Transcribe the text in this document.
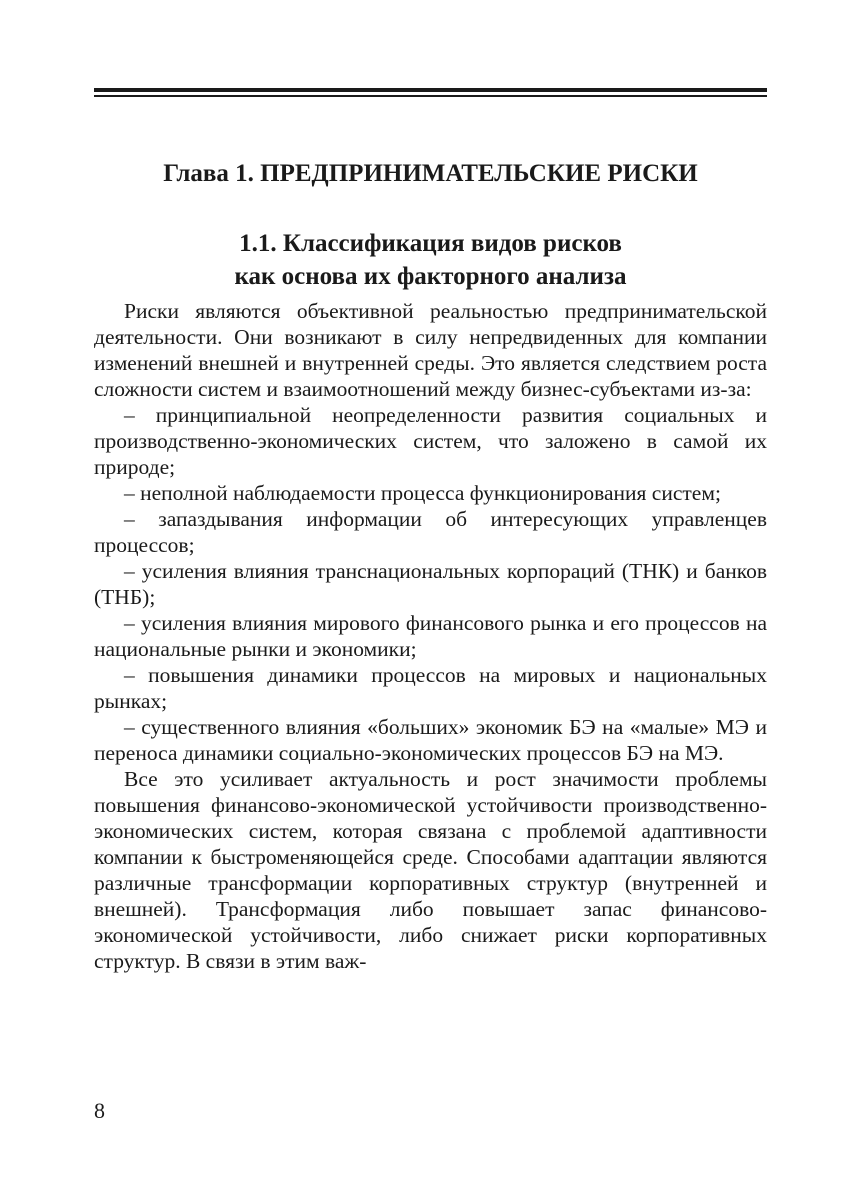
Глава 1. ПРЕДПРИНИМАТЕЛЬСКИЕ РИСКИ
1.1. Классификация видов рисков
как основа их факторного анализа

Риски являются объективной реальностью предпринимательской деятельности. Они возникают в силу непредвиденных для компании изменений внешней и внутренней среды. Это является следствием роста сложности систем и взаимоотношений между бизнес-субъектами из-за:

– принципиальной неопределенности развития социальных и производственно-экономических систем, что заложено в самой их природе;

– неполной наблюдаемости процесса функционирования систем;

– запаздывания информации об интересующих управленцев процессов;

– усиления влияния транснациональных корпораций (ТНК) и банков (ТНБ);

– усиления влияния мирового финансового рынка и его процессов на национальные рынки и экономики;

– повышения динамики процессов на мировых и национальных рынках;

– существенного влияния «больших» экономик БЭ на «малые» МЭ и переноса динамики социально-экономических процессов БЭ на МЭ.

Все это усиливает актуальность и рост значимости проблемы повышения финансово-экономической устойчивости производственно-экономических систем, которая связана с проблемой адаптивности компании к быстроменяющейся среде. Способами адаптации являются различные трансформации корпоративных структур (внутренней и внешней). Трансформация либо повышает запас финансово-экономической устойчивости, либо снижает риски корпоративных структур. В связи в этим важ-

8
